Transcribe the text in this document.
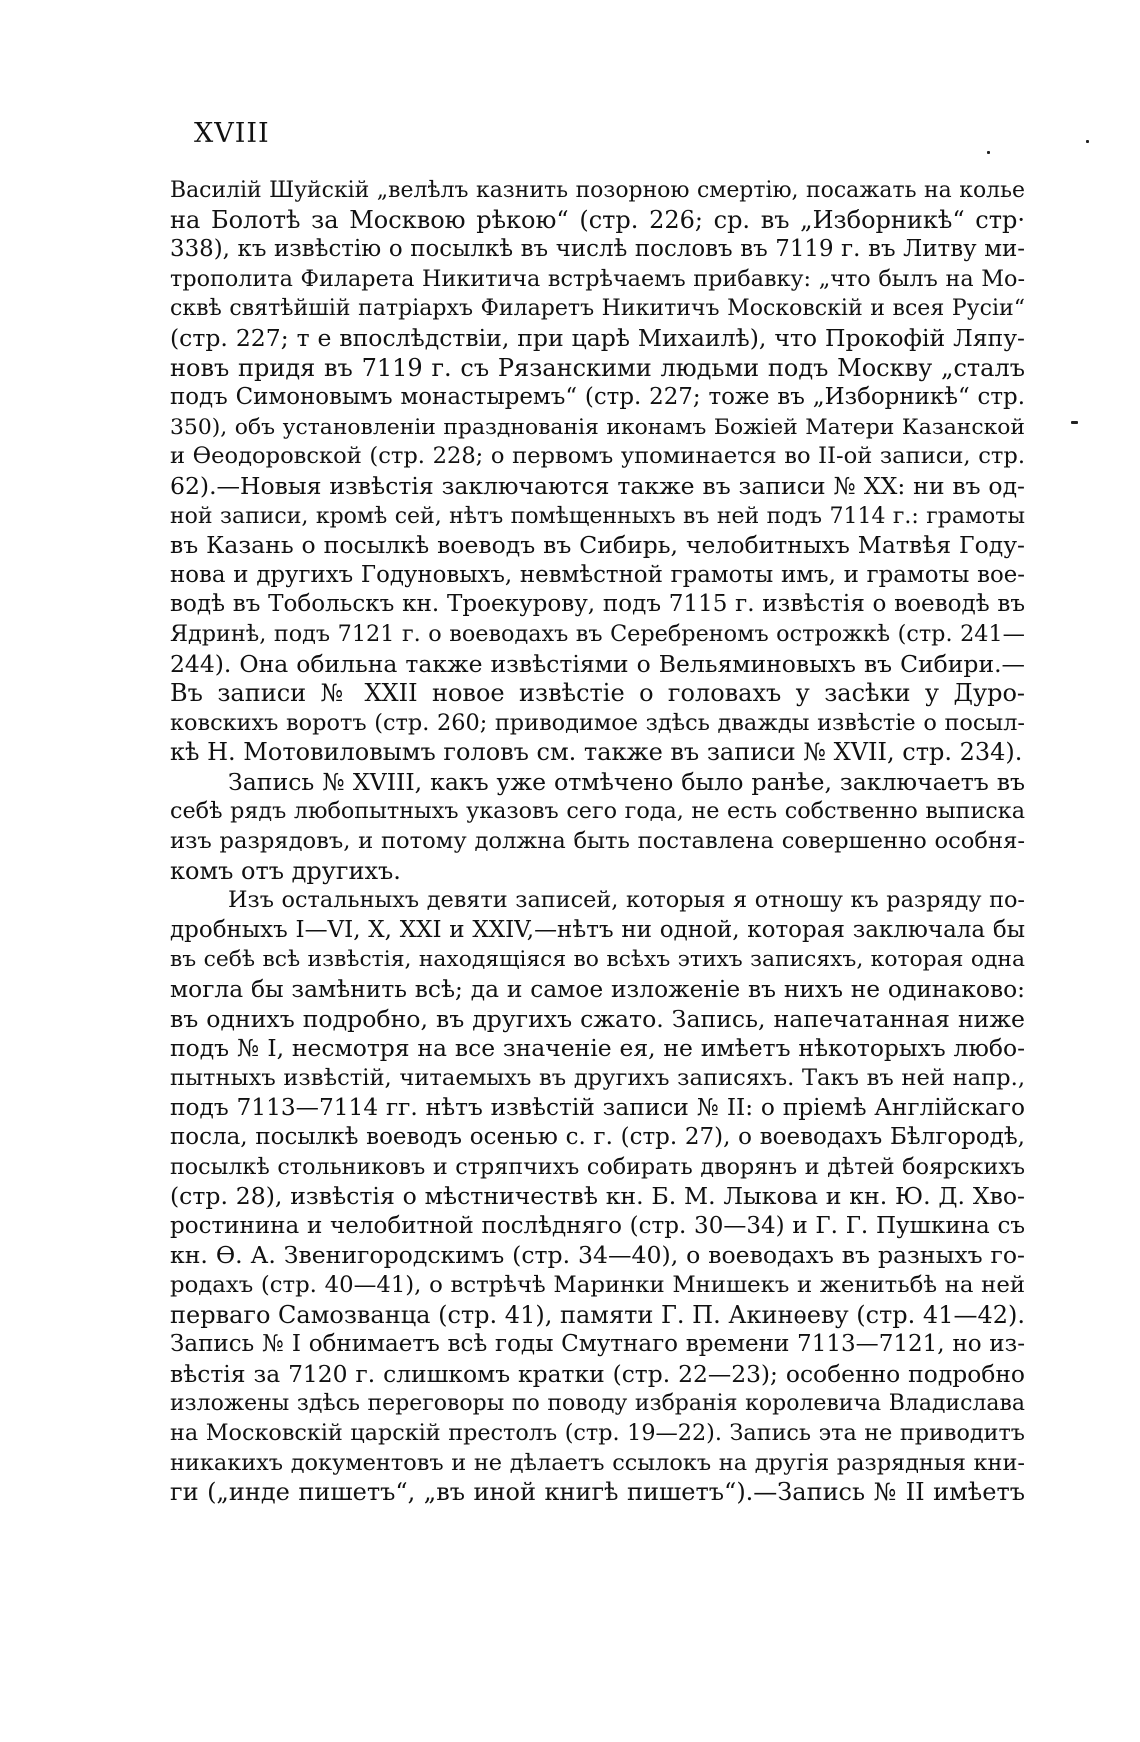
XVIII
Василій Шуйскій „велѣлъ казнить позорною смертію, посажать на колье
на Болотѣ за Москвою рѣкою“ (стр. 226; ср. въ „Изборникѣ“ стр·
338), къ извѣстію о посылкѣ въ числѣ пословъ въ 7119 г. въ Литву ми-
трополита Филарета Никитича встрѣчаемъ прибавку: „что былъ на Мо-
сквѣ святѣйшій патріархъ Филаретъ Никитичъ Московскій и всея Русіи“
(стр. 227; т е впослѣдствіи, при царѣ Михаилѣ), что Прокофій Ляпу-
новъ придя въ 7119 г. съ Рязанскими людьми подъ Москву „сталъ
подъ Симоновымъ монастыремъ“ (стр. 227; тоже въ „Изборникѣ“ стр.
350), объ установленіи празднованія иконамъ Божіей Матери Казанской
и Ѳеодоровской (стр. 228; о первомъ упоминается во II-ой записи, стр.
62).—Новыя извѣстія заключаются также въ записи № XX: ни въ од-
ной записи, кромѣ сей, нѣтъ помѣщенныхъ въ ней подъ 7114 г.: грамоты
въ Казань о посылкѣ воеводъ въ Сибирь, челобитныхъ Матвѣя Году-
нова и другихъ Годуновыхъ, невмѣстной грамоты имъ, и грамоты вое-
водѣ въ Тобольскъ кн. Троекурову, подъ 7115 г. извѣстія о воеводѣ въ
Ядринѣ, подъ 7121 г. о воеводахъ въ Серебреномъ острожкѣ (стр. 241—
244). Она обильна также извѣстіями о Вельяминовыхъ въ Сибири.—
Въ записи № XXII новое извѣстіе о головахъ у засѣки у Дуро-
ковскихъ воротъ (стр. 260; приводимое здѣсь дважды извѣстіе о посыл-
кѣ Н. Мотовиловымъ головъ см. также въ записи № XVII, стр. 234).
Запись № XVIII, какъ уже отмѣчено было ранѣе, заключаетъ въ
себѣ рядъ любопытныхъ указовъ сего года, не есть собственно выписка
изъ разрядовъ, и потому должна быть поставлена совершенно особня-
комъ отъ другихъ.
Изъ остальныхъ девяти записей, которыя я отношу къ разряду по-
дробныхъ I—VI, X, XXI и XXIV,—нѣтъ ни одной, которая заключала бы
въ себѣ всѣ извѣстія, находящіяся во всѣхъ этихъ записяхъ, которая одна
могла бы замѣнить всѣ; да и самое изложеніе въ нихъ не одинаково:
въ однихъ подробно, въ другихъ сжато. Запись, напечатанная ниже
подъ № I, несмотря на все значеніе ея, не имѣетъ нѣкоторыхъ любо-
пытныхъ извѣстій, читаемыхъ въ другихъ записяхъ. Такъ въ ней напр.,
подъ 7113—7114 гг. нѣтъ извѣстій записи № II: о пріемѣ Англійскаго
посла, посылкѣ воеводъ осенью с. г. (стр. 27), о воеводахъ Бѣлгородѣ,
посылкѣ стольниковъ и стряпчихъ собирать дворянъ и дѣтей боярскихъ
(стр. 28), извѣстія о мѣстничествѣ кн. Б. М. Лыкова и кн. Ю. Д. Хво-
ростинина и челобитной послѣдняго (стр. 30—34) и Г. Г. Пушкина съ
кн. Ѳ. А. Звенигородскимъ (стр. 34—40), о воеводахъ въ разныхъ го-
родахъ (стр. 40—41), о встрѣчѣ Маринки Мнишекъ и женитьбѣ на ней
перваго Самозванца (стр. 41), памяти Г. П. Акинѳеву (стр. 41—42).
Запись № I обнимаетъ всѣ годы Смутнаго времени 7113—7121, но из-
вѣстія за 7120 г. слишкомъ кратки (стр. 22—23); особенно подробно
изложены здѣсь переговоры по поводу избранія королевича Владислава
на Московскій царскій престолъ (стр. 19—22). Запись эта не приводитъ
никакихъ документовъ и не дѣлаетъ ссылокъ на другія разрядныя кни-
ги („инде пишетъ“, „въ иной книгѣ пишетъ“).—Запись № II имѣетъ
